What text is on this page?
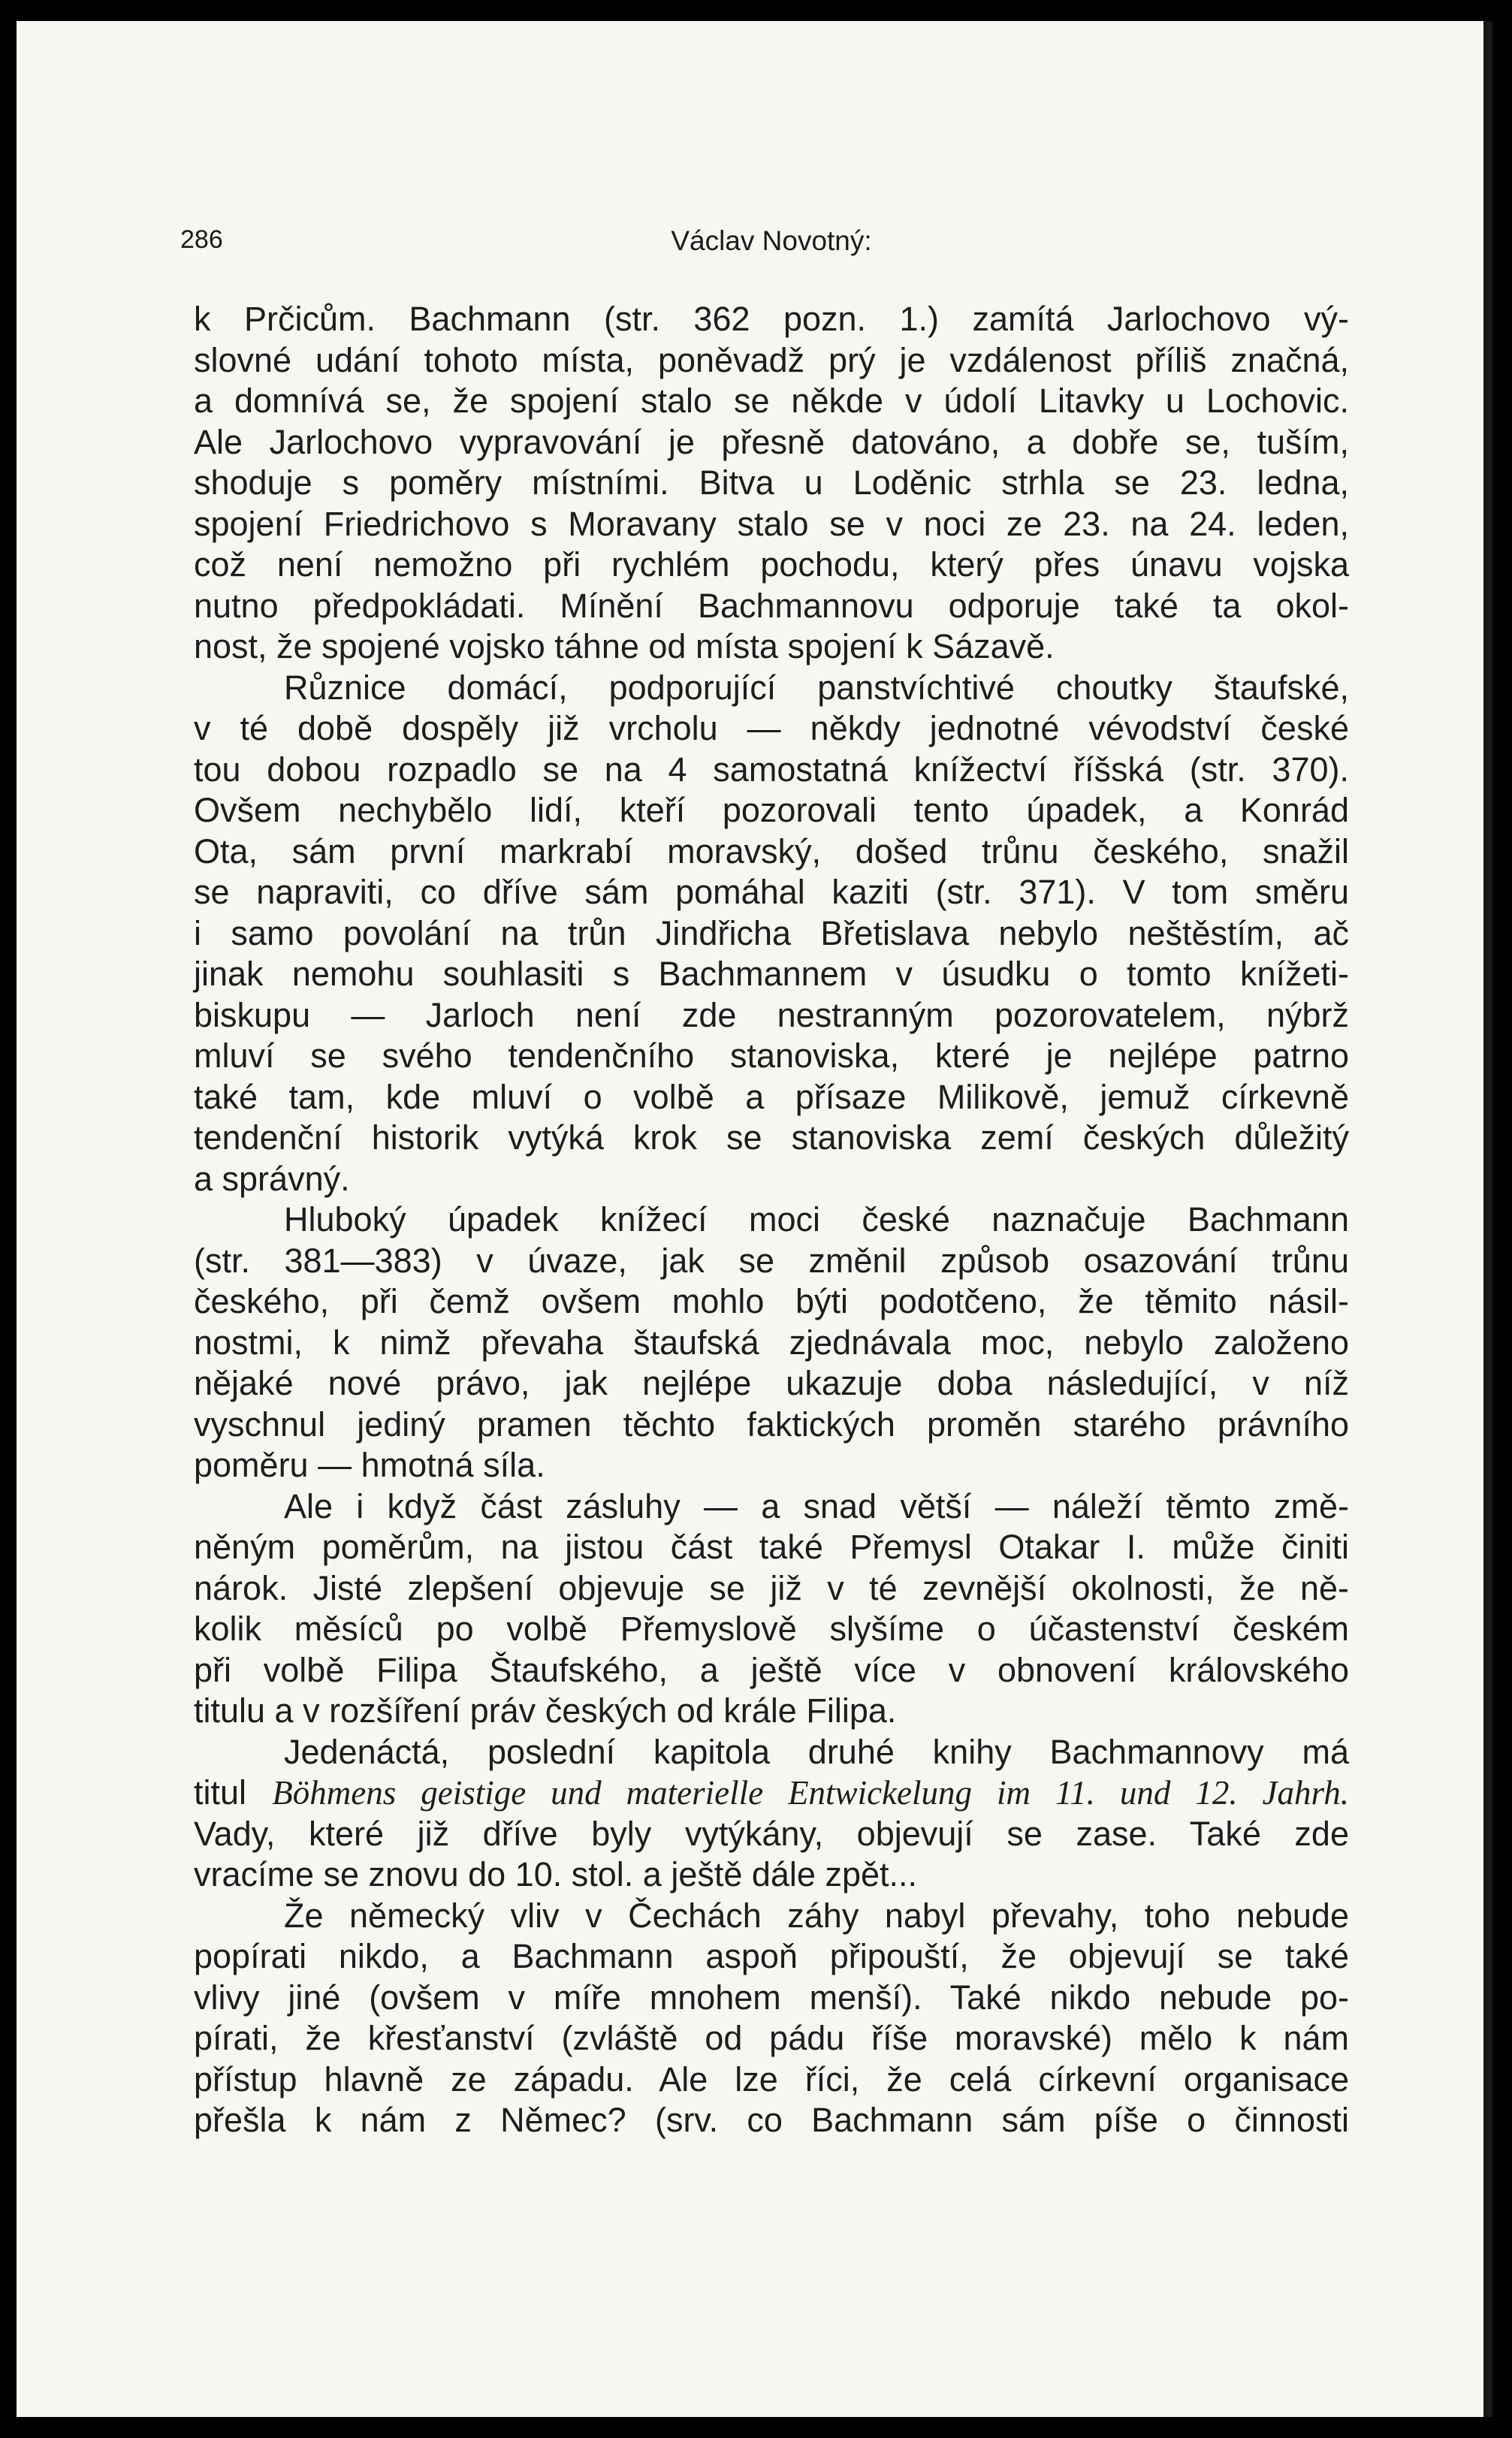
286	Václav Novotný:

k Prčicům. Bachmann (str. 362 pozn. 1.) zamítá Jarlochovo vý-

slovné udání tohoto místa, poněvadž prý je vzdálenost příliš značná,

a domnívá se, že spojení stalo se někde v údolí Litavky u Lochovic.

Ale Jarlochovo vypravování je přesně datováno, a dobře se, tuším,

shoduje s poměry místními. Bitva u Loděnic strhla se 23. ledna,

spojení Friedrichovo s Moravany stalo se v noci ze 23. na 24. leden,

což není nemožno při rychlém pochodu, který přes únavu vojska

nutno předpokládati. Mínění Bachmannovu odporuje také ta okol-

nost, že spojené vojsko táhne od místa spojení k Sázavě.

Různice domácí, podporující panstvíchtivé choutky štaufské,

v té době dospěly již vrcholu — někdy jednotné vévodství české

tou dobou rozpadlo se na 4 samostatná knížectví říšská (str. 370).

Ovšem nechybělo lidí, kteří pozorovali tento úpadek, a Konrád

Ota, sám první markrabí moravský, došed trůnu českého, snažil

se napraviti, co dříve sám pomáhal kaziti (str. 371). V tom směru

i samo povolání na trůn Jindřicha Břetislava nebylo neštěstím, ač

jinak nemohu souhlasiti s Bachmannem v úsudku o tomto knížeti-

biskupu — Jarloch není zde nestranným pozorovatelem, nýbrž

mluví se svého tendenčního stanoviska, které je nejlépe patrno

také tam, kde mluví o volbě a přísaze Milikově, jemuž církevně

tendenční historik vytýká krok se stanoviska zemí českých důležitý

a správný.

Hluboký úpadek knížecí moci české naznačuje Bachmann

(str. 381—383) v úvaze, jak se změnil způsob osazování trůnu

českého, při čemž ovšem mohlo býti podotčeno, že těmito násil-

nostmi, k nimž převaha štaufská zjednávala moc, nebylo založeno

nějaké nové právo, jak nejlépe ukazuje doba následující, v níž

vyschnul jediný pramen těchto faktických proměn starého právního

poměru — hmotná síla.

Ale i když část zásluhy — a snad větší — náleží těmto změ-

něným poměrům, na jistou část také Přemysl Otakar I. může činiti

nárok. Jisté zlepšení objevuje se již v té zevnější okolnosti, že ně-

kolik měsíců po volbě Přemyslově slyšíme o účastenství českém

při volbě Filipa Štaufského, a ještě více v obnovení královského

titulu a v rozšíření práv českých od krále Filipa.

Jedenáctá, poslední kapitola druhé knihy Bachmannovy má

titul Böhmens geistige und materielle Entwickelung im 11. und 12. Jahrh.

Vady, které již dříve byly vytýkány, objevují se zase. Také zde

vracíme se znovu do 10. stol. a ještě dále zpět...

Že německý vliv v Čechách záhy nabyl převahy, toho nebude

popírati nikdo, a Bachmann aspoň připouští, že objevují se také

vlivy jiné (ovšem v míře mnohem menší). Také nikdo nebude po-

pírati, že křesťanství (zvláště od pádu říše moravské) mělo k nám

přístup hlavně ze západu. Ale lze říci, že celá církevní organisace

přešla k nám z Němec? (srv. co Bachmann sám píše o činnosti
